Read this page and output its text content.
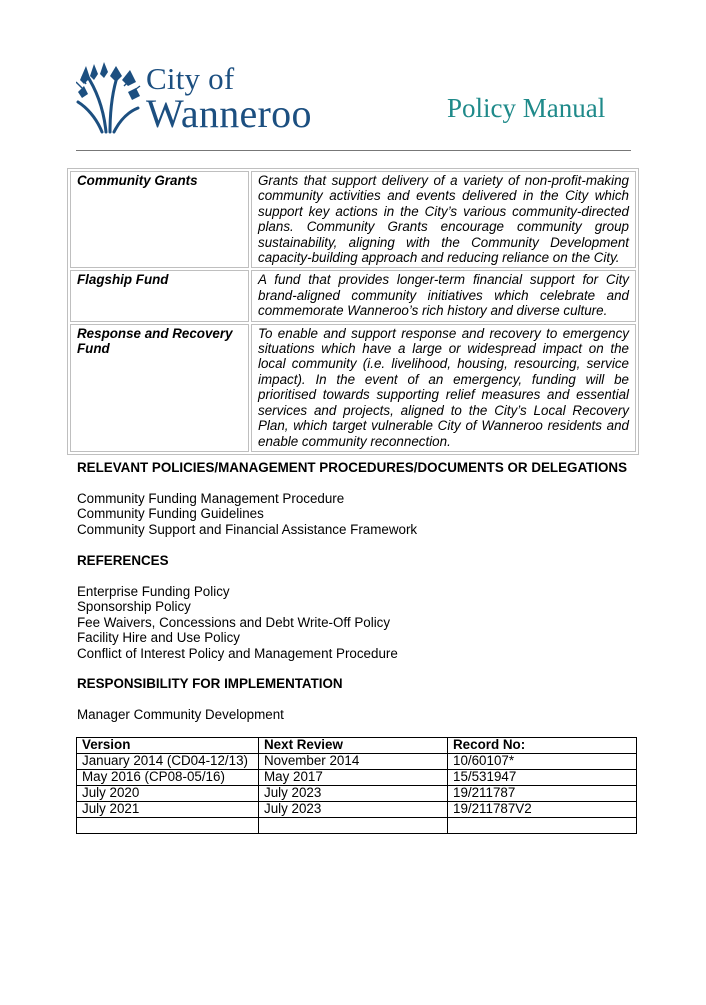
City of
Wanneroo	Policy Manual
Community Grants	Grants that support delivery of a variety of non-profit-making community activities and events delivered in the City which support key actions in the City’s various community-directed plans. Community Grants encourage community group sustainability, aligning with the Community Development capacity-building approach and reducing reliance on the City.
Flagship Fund	A fund that provides longer-term financial support for City brand-aligned community initiatives which celebrate and commemorate Wanneroo’s rich history and diverse culture.
Response and Recovery Fund	To enable and support response and recovery to emergency situations which have a large or widespread impact on the local community (i.e. livelihood, housing, resourcing, service impact). In the event of an emergency, funding will be prioritised towards supporting relief measures and essential services and projects, aligned to the City’s Local Recovery Plan, which target vulnerable City of Wanneroo residents and enable community reconnection.
RELEVANT POLICIES/MANAGEMENT PROCEDURES/DOCUMENTS OR DELEGATIONS
Community Funding Management Procedure
Community Funding Guidelines
Community Support and Financial Assistance Framework
REFERENCES
Enterprise Funding Policy
Sponsorship Policy
Fee Waivers, Concessions and Debt Write-Off Policy
Facility Hire and Use Policy
Conflict of Interest Policy and Management Procedure
RESPONSIBILITY FOR IMPLEMENTATION
Manager Community Development
Version	Next Review	Record No:
January 2014 (CD04-12/13)	November 2014	10/60107*
May 2016 (CP08-05/16)	May 2017	15/531947
July 2020	July 2023	19/211787
July 2021	July 2023	19/211787V2
